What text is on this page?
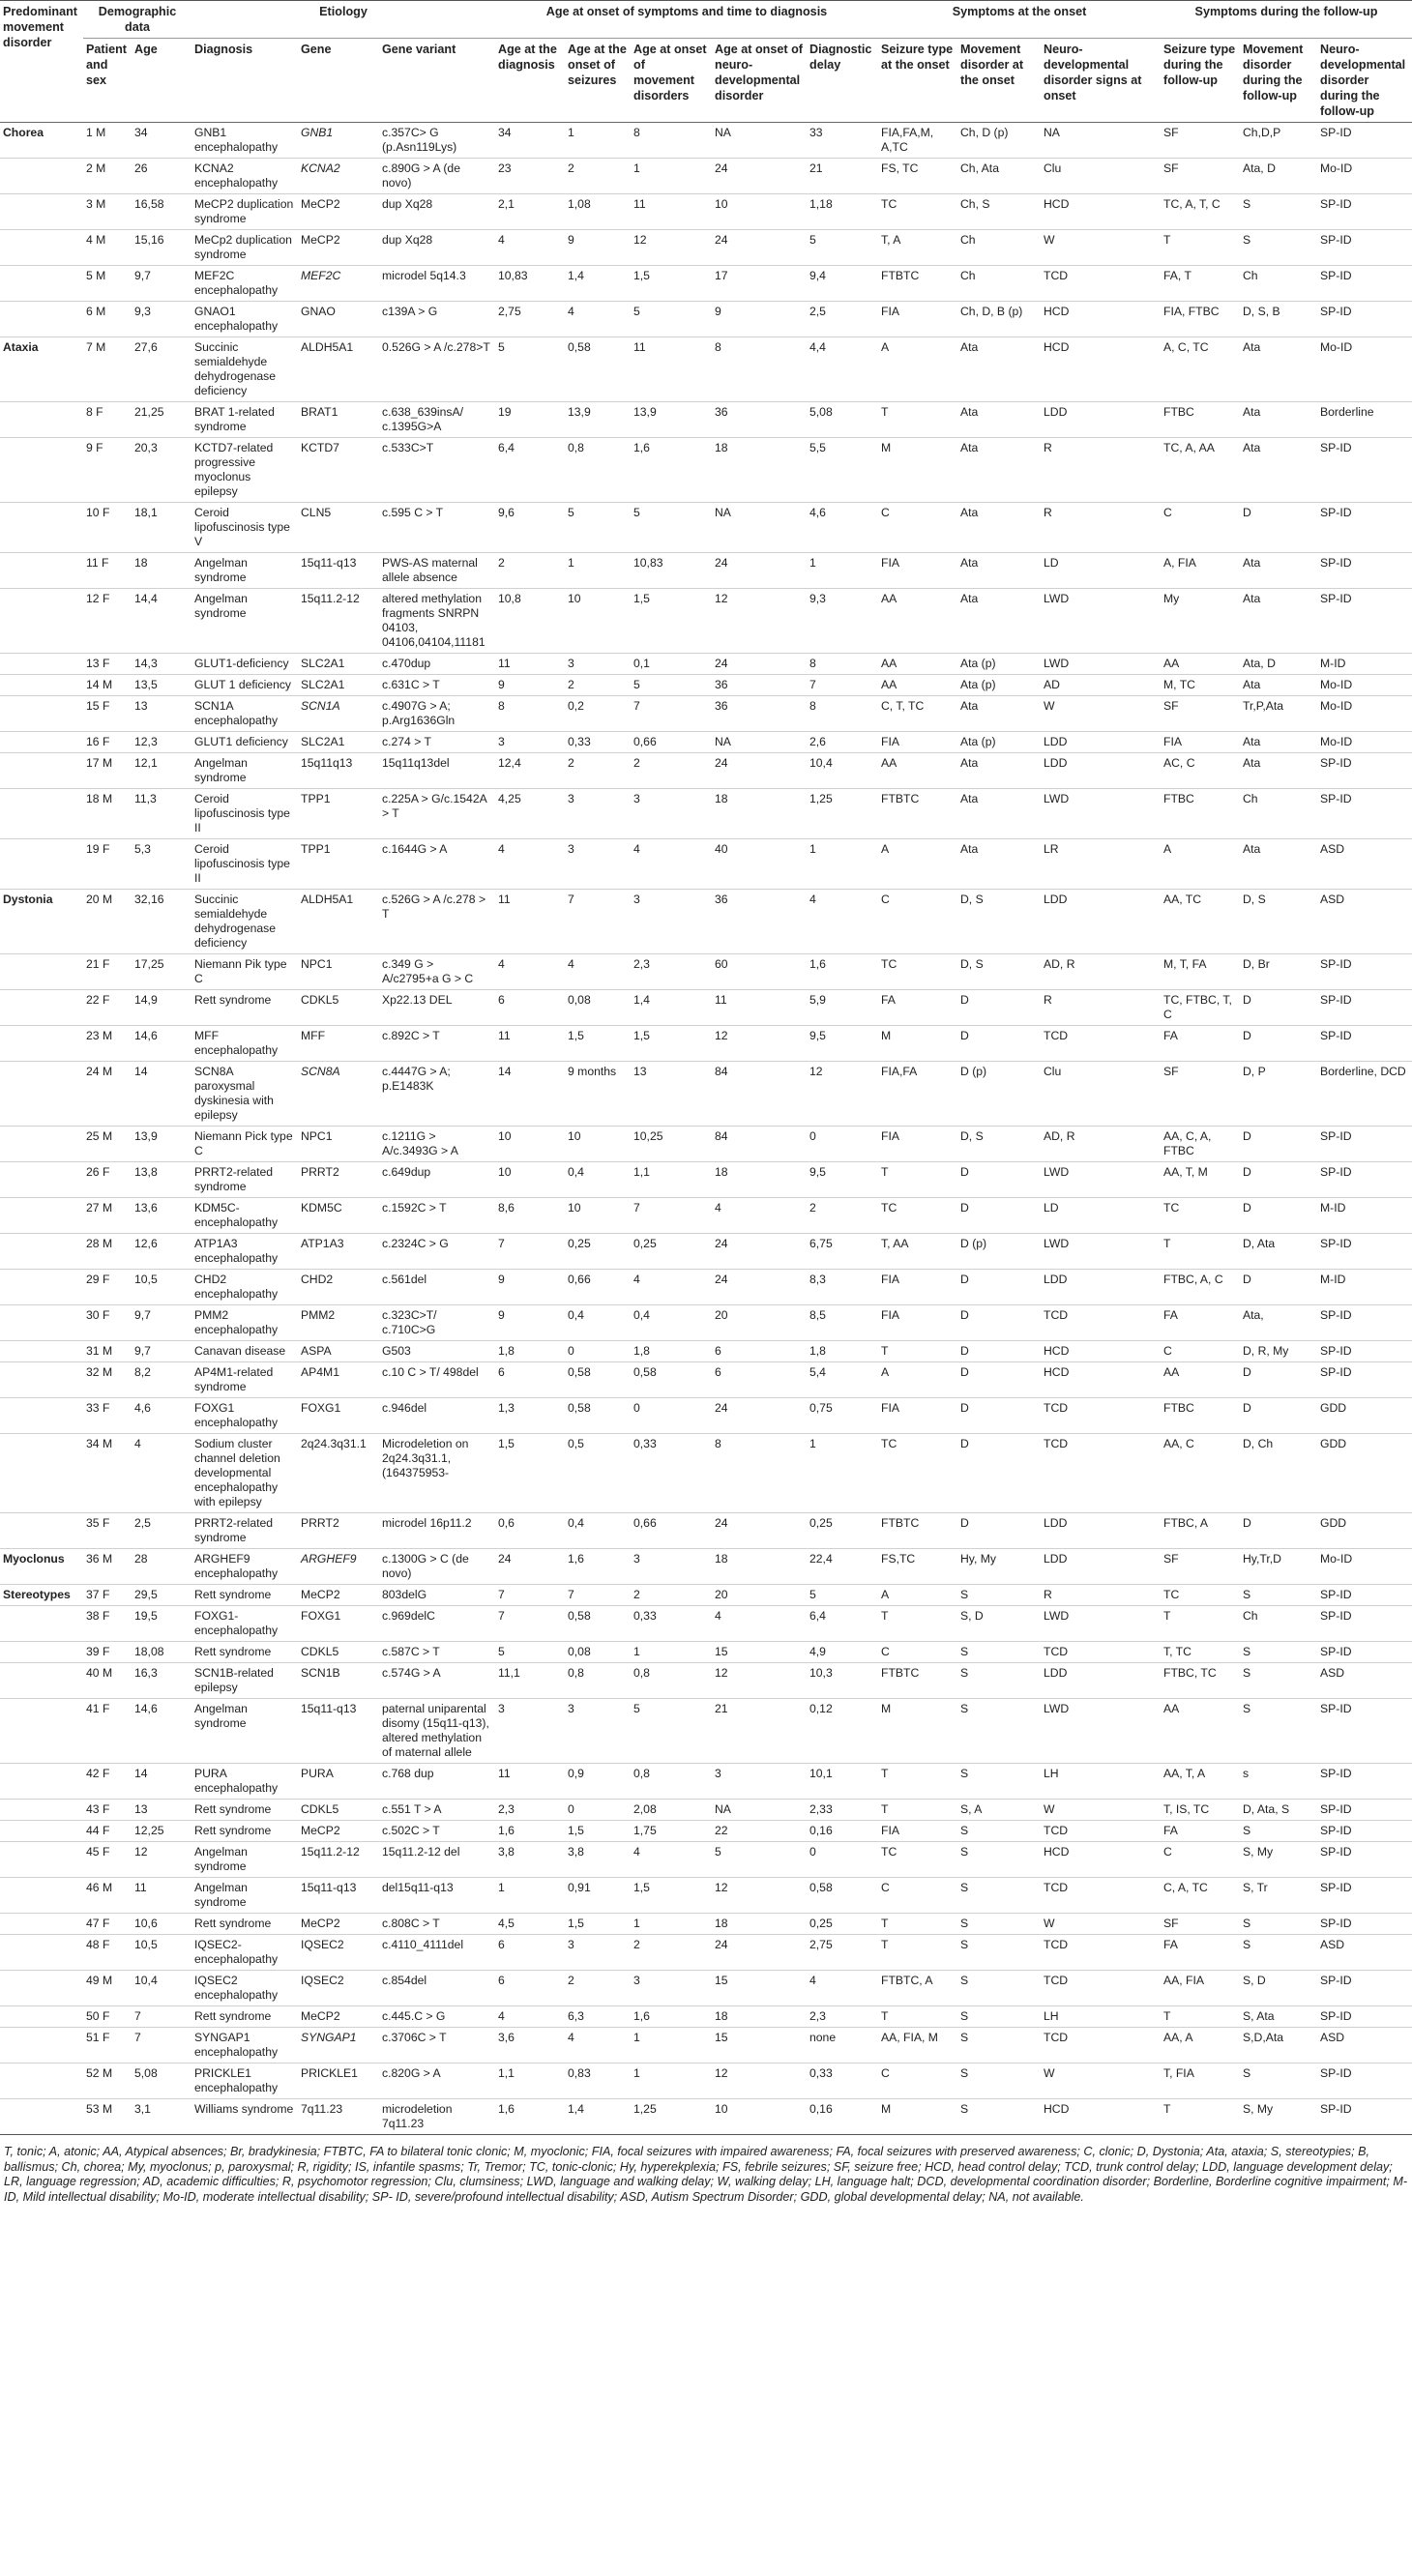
Predominant movement disorder	Demographic data		Etiology			Age at onset of symptoms and time to diagnosis					Symptoms at the onset			Symptoms during the follow-up		
	Patient and sex	Age	Diagnosis	Gene	Gene variant	Age at the diagnosis	Age at the onset of seizures	Age at onset of movement disorders	Age at onset of neuro-developmental disorder	Diagnostic delay	Seizure type at the onset	Movement disorder at the onset	Neuro-developmental disorder signs at onset	Seizure type during the follow-up	Movement disorder during the follow-up	Neuro-developmental disorder during the follow-up
Chorea	1 M	34	GNB1 encephalopathy	GNB1	c.357C> G (p.Asn119Lys)	34	1	8	NA	33	FIA,FA,M, A,TC	Ch, D (p)	NA	SF	Ch,D,P	SP-ID
	2 M	26	KCNA2 encephalopathy	KCNA2	c.890G > A (de novo)	23	2	1	24	21	FS, TC	Ch, Ata	Clu	SF	Ata, D	Mo-ID
	3 M	16,58	MeCP2 duplication syndrome	MeCP2	dup Xq28	2,1	1,08	11	10	1,18	TC	Ch, S	HCD	TC, A, T, C	S	SP-ID
	4 M	15,16	MeCp2 duplication syndrome	MeCP2	dup Xq28	4	9	12	24	5	T, A	Ch	W	T	S	SP-ID
	5 M	9,7	MEF2C encephalopathy	MEF2C	microdel 5q14.3	10,83	1,4	1,5	17	9,4	FTBTC	Ch	TCD	FA, T	Ch	SP-ID
	6 M	9,3	GNAO1 encephalopathy	GNAO	c139A > G	2,75	4	5	9	2,5	FIA	Ch, D, B (p)	HCD	FIA, FTBC	D, S, B	SP-ID
Ataxia	7 M	27,6	Succinic semialdehyde dehydrogenase deficiency	ALDH5A1	0.526G > A /c.278>T	5	0,58	11	8	4,4	A	Ata	HCD	A, C, TC	Ata	Mo-ID
	8 F	21,25	BRAT 1-related syndrome	BRAT1	c.638_639insA/ c.1395G>A	19	13,9	13,9	36	5,08	T	Ata	LDD	FTBC	Ata	Borderline
	9 F	20,3	KCTD7-related progressive myoclonus epilepsy	KCTD7	c.533C>T	6,4	0,8	1,6	18	5,5	M	Ata	R	TC, A, AA	Ata	SP-ID
	10 F	18,1	Ceroid lipofuscinosis type V	CLN5	c.595 C > T	9,6	5	5	NA	4,6	C	Ata	R	C	D	SP-ID
	11 F	18	Angelman syndrome	15q11-q13	PWS-AS maternal allele absence	2	1	10,83	24	1	FIA	Ata	LD	A, FIA	Ata	SP-ID
	12 F	14,4	Angelman syndrome	15q11.2-12	altered methylation fragments SNRPN 04103, 04106,04104,11181	10,8	10	1,5	12	9,3	AA	Ata	LWD	My	Ata	SP-ID
	13 F	14,3	GLUT1-deficiency	SLC2A1	c.470dup	11	3	0,1	24	8	AA	Ata (p)	LWD	AA	Ata, D	M-ID
	14 M	13,5	GLUT 1 deficiency	SLC2A1	c.631C > T	9	2	5	36	7	AA	Ata (p)	AD	M, TC	Ata	Mo-ID
	15 F	13	SCN1A encephalopathy	SCN1A	c.4907G > A; p.Arg1636Gln	8	0,2	7	36	8	C, T, TC	Ata	W	SF	Tr,P,Ata	Mo-ID
	16 F	12,3	GLUT1 deficiency	SLC2A1	c.274 > T	3	0,33	0,66	NA	2,6	FIA	Ata (p)	LDD	FIA	Ata	Mo-ID
	17 M	12,1	Angelman syndrome	15q11q13	15q11q13del	12,4	2	2	24	10,4	AA	Ata	LDD	AC, C	Ata	SP-ID
	18 M	11,3	Ceroid lipofuscinosis type II	TPP1	c.225A > G/c.1542A > T	4,25	3	3	18	1,25	FTBTC	Ata	LWD	FTBC	Ch	SP-ID
	19 F	5,3	Ceroid lipofuscinosis type II	TPP1	c.1644G > A	4	3	4	40	1	A	Ata	LR	A	Ata	ASD
Dystonia	20 M	32,16	Succinic semialdehyde dehydrogenase deficiency	ALDH5A1	c.526G > A /c.278 > T	11	7	3	36	4	C	D, S	LDD	AA, TC	D, S	ASD
	21 F	17,25	Niemann Pik type C	NPC1	c.349 G > A/c2795+a G > C	4	4	2,3	60	1,6	TC	D, S	AD, R	M, T, FA	D, Br	SP-ID
	22 F	14,9	Rett syndrome	CDKL5	Xp22.13 DEL	6	0,08	1,4	11	5,9	FA	D	R	TC, FTBC, T, C	D	SP-ID
	23 M	14,6	MFF encephalopathy	MFF	c.892C > T	11	1,5	1,5	12	9,5	M	D	TCD	FA	D	SP-ID
	24 M	14	SCN8A paroxysmal dyskinesia with epilepsy	SCN8A	c.4447G > A; p.E1483K	14	9 months	13	84	12	FIA,FA	D (p)	Clu	SF	D, P	Borderline, DCD
	25 M	13,9	Niemann Pick type C	NPC1	c.1211G > A/c.3493G > A	10	10	10,25	84	0	FIA	D, S	AD, R	AA, C, A, FTBC	D	SP-ID
	26 F	13,8	PRRT2-related syndrome	PRRT2	c.649dup	10	0,4	1,1	18	9,5	T	D	LWD	AA, T, M	D	SP-ID
	27 M	13,6	KDM5C-encephalopathy	KDM5C	c.1592C > T	8,6	10	7	4	2	TC	D	LD	TC	D	M-ID
	28 M	12,6	ATP1A3 encephalopathy	ATP1A3	c.2324C > G	7	0,25	0,25	24	6,75	T, AA	D (p)	LWD	T	D, Ata	SP-ID
	29 F	10,5	CHD2 encephalopathy	CHD2	c.561del	9	0,66	4	24	8,3	FIA	D	LDD	FTBC, A, C	D	M-ID
	30 F	9,7	PMM2 encephalopathy	PMM2	c.323C>T/ c.710C>G	9	0,4	0,4	20	8,5	FIA	D	TCD	FA	Ata,	SP-ID
	31 M	9,7	Canavan disease	ASPA	G503	1,8	0	1,8	6	1,8	T	D	HCD	C	D, R, My	SP-ID
	32 M	8,2	AP4M1-related syndrome	AP4M1	c.10 C > T/ 498del	6	0,58	0,58	6	5,4	A	D	HCD	AA	D	SP-ID
	33 F	4,6	FOXG1 encephalopathy	FOXG1	c.946del	1,3	0,58	0	24	0,75	FIA	D	TCD	FTBC	D	GDD
	34 M	4	Sodium cluster channel deletion developmental encephalopathy with epilepsy	2q24.3q31.1	Microdeletion on 2q24.3q31.1, (164375953-	1,5	0,5	0,33	8	1	TC	D	TCD	AA, C	D, Ch	GDD
	35 F	2,5	PRRT2-related syndrome	PRRT2	microdel 16p11.2	0,6	0,4	0,66	24	0,25	FTBTC	D	LDD	FTBC, A	D	GDD
Myoclonus	36 M	28	ARGHEF9 encephalopathy	ARGHEF9	c.1300G > C (de novo)	24	1,6	3	18	22,4	FS,TC	Hy, My	LDD	SF	Hy,Tr,D	Mo-ID
Stereotypes	37 F	29,5	Rett syndrome	MeCP2	803delG	7	7	2	20	5	A	S	R	TC	S	SP-ID
	38 F	19,5	FOXG1-encephalopathy	FOXG1	c.969delC	7	0,58	0,33	4	6,4	T	S, D	LWD	T	Ch	SP-ID
	39 F	18,08	Rett syndrome	CDKL5	c.587C > T	5	0,08	1	15	4,9	C	S	TCD	T, TC	S	SP-ID
	40 M	16,3	SCN1B-related epilepsy	SCN1B	c.574G > A	11,1	0,8	0,8	12	10,3	FTBTC	S	LDD	FTBC, TC	S	ASD
	41 F	14,6	Angelman syndrome	15q11-q13	paternal uniparental disomy (15q11-q13), altered methylation of maternal allele	3	3	5	21	0,12	M	S	LWD	AA	S	SP-ID
	42 F	14	PURA encephalopathy	PURA	c.768 dup	11	0,9	0,8	3	10,1	T	S	LH	AA, T, A	s	SP-ID
	43 F	13	Rett syndrome	CDKL5	c.551 T > A	2,3	0	2,08	NA	2,33	T	S, A	W	T, IS, TC	D, Ata, S	SP-ID
	44 F	12,25	Rett syndrome	MeCP2	c.502C > T	1,6	1,5	1,75	22	0,16	FIA	S	TCD	FA	S	SP-ID
	45 F	12	Angelman syndrome	15q11.2-12	15q11.2-12 del	3,8	3,8	4	5	0	TC	S	HCD	C	S, My	SP-ID
	46 M	11	Angelman syndrome	15q11-q13	del15q11-q13	1	0,91	1,5	12	0,58	C	S	TCD	C, A, TC	S, Tr	SP-ID
	47 F	10,6	Rett syndrome	MeCP2	c.808C > T	4,5	1,5	1	18	0,25	T	S	W	SF	S	SP-ID
	48 F	10,5	IQSEC2-encephalopathy	IQSEC2	c.4110_4111del	6	3	2	24	2,75	T	S	TCD	FA	S	ASD
	49 M	10,4	IQSEC2 encephalopathy	IQSEC2	c.854del	6	2	3	15	4	FTBTC, A	S	TCD	AA, FIA	S, D	SP-ID
	50 F	7	Rett syndrome	MeCP2	c.445.C > G	4	6,3	1,6	18	2,3	T	S	LH	T	S, Ata	SP-ID
	51 F	7	SYNGAP1 encephalopathy	SYNGAP1	c.3706C > T	3,6	4	1	15	none	AA, FIA, M	S	TCD	AA, A	S,D,Ata	ASD
	52 M	5,08	PRICKLE1 encephalopathy	PRICKLE1	c.820G > A	1,1	0,83	1	12	0,33	C	S	W	T, FIA	S	SP-ID
	53 M	3,1	Williams syndrome	7q11.23	microdeletion 7q11.23	1,6	1,4	1,25	10	0,16	M	S	HCD	T	S, My	SP-ID
T, tonic; A, atonic; AA, Atypical absences; Br, bradykinesia; FTBTC, FA to bilateral tonic clonic; M, myoclonic; FIA, focal seizures with impaired awareness; FA, focal seizures with preserved awareness; C, clonic; D, Dystonia; Ata, ataxia; S, stereotypies; B, ballismus; Ch, chorea; My, myoclonus; p, paroxysmal; R, rigidity; IS, infantile spasms; Tr, Tremor; TC, tonic-clonic; Hy, hyperekplexia; FS, febrile seizures; SF, seizure free; HCD, head control delay; TCD, trunk control delay; LDD, language development delay; LR, language regression; AD, academic difficulties; R, psychomotor regression; Clu, clumsiness; LWD, language and walking delay; W, walking delay; LH, language halt; DCD, developmental coordination disorder; Borderline, Borderline cognitive impairment; M-ID, Mild intellectual disability; Mo-ID, moderate intellectual disability; SP- ID, severe/profound intellectual disability; ASD, Autism Spectrum Disorder; GDD, global developmental delay; NA, not available.
